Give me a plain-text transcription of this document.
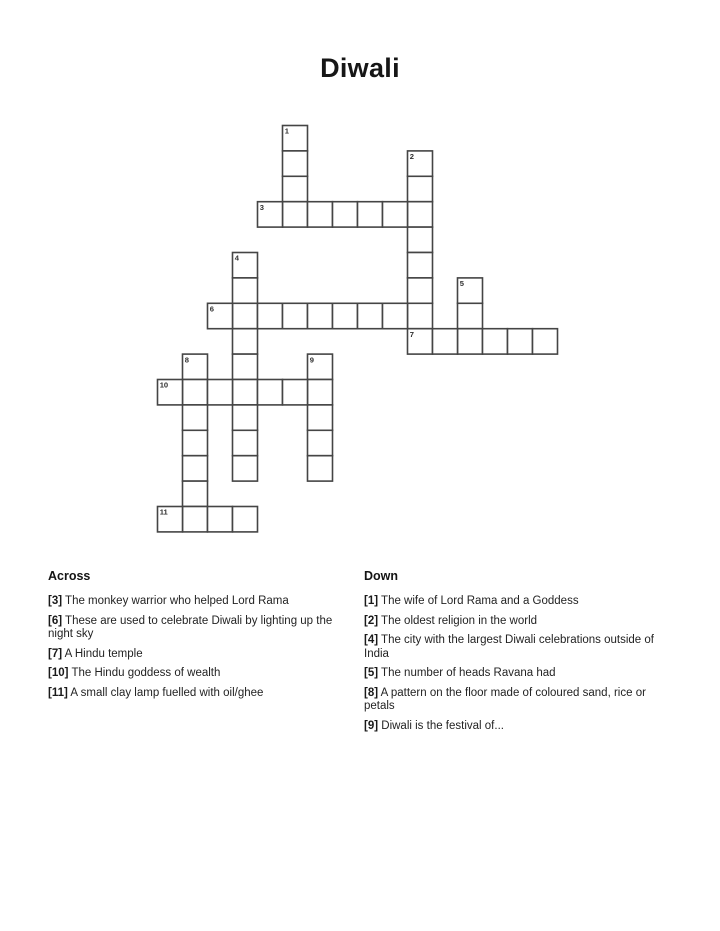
Diwali
1
2
3
4
5
6
7
8	9
10
11
Across
[3] The monkey warrior who helped Lord Rama
[6] These are used to celebrate Diwali by lighting up the night sky
[7] A Hindu temple
[10] The Hindu goddess of wealth
[11] A small clay lamp fuelled with oil/ghee
Down
[1] The wife of Lord Rama and a Goddess
[2] The oldest religion in the world
[4] The city with the largest Diwali celebrations outside of India
[5] The number of heads Ravana had
[8] A pattern on the floor made of coloured sand, rice or petals
[9] Diwali is the festival of...
